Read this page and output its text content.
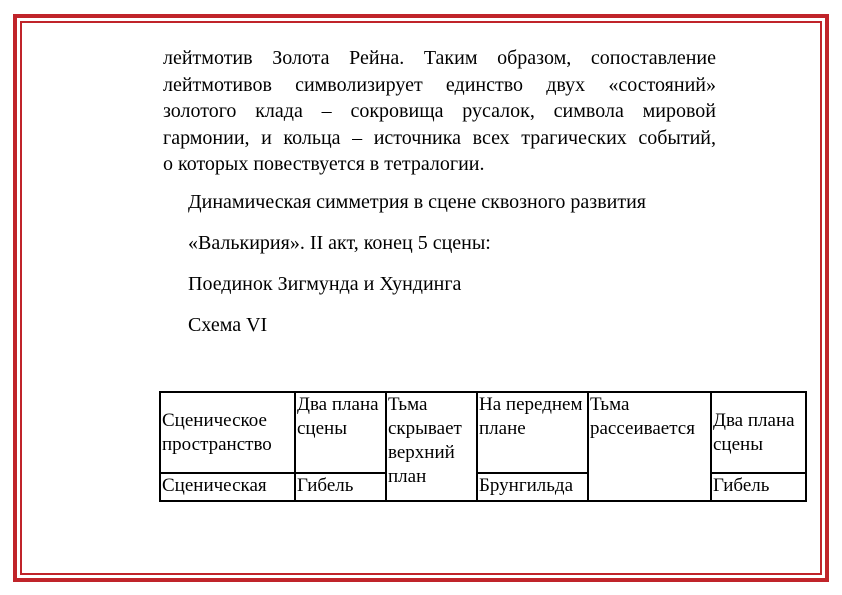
лейтмотив Золота Рейна. Таким образом, сопоставление
лейтмотивов символизирует единство двух «состояний»
золотого клада – сокровища русалок, символа мировой
гармонии, и кольца – источника всех трагических событий,
о которых повествуется в тетралогии.
Динамическая симметрия в сцене сквозного развития
«Валькирия». II акт, конец 5 сцены:
Поединок Зигмунда и Хундинга
Схема VI
Сценическое пространство	Два плана сцены	Тьма скрывает верхний план	На переднем плане	Тьма рассеивается	Два плана сцены
Сценическая	Гибель		Брунгильда		Гибель
